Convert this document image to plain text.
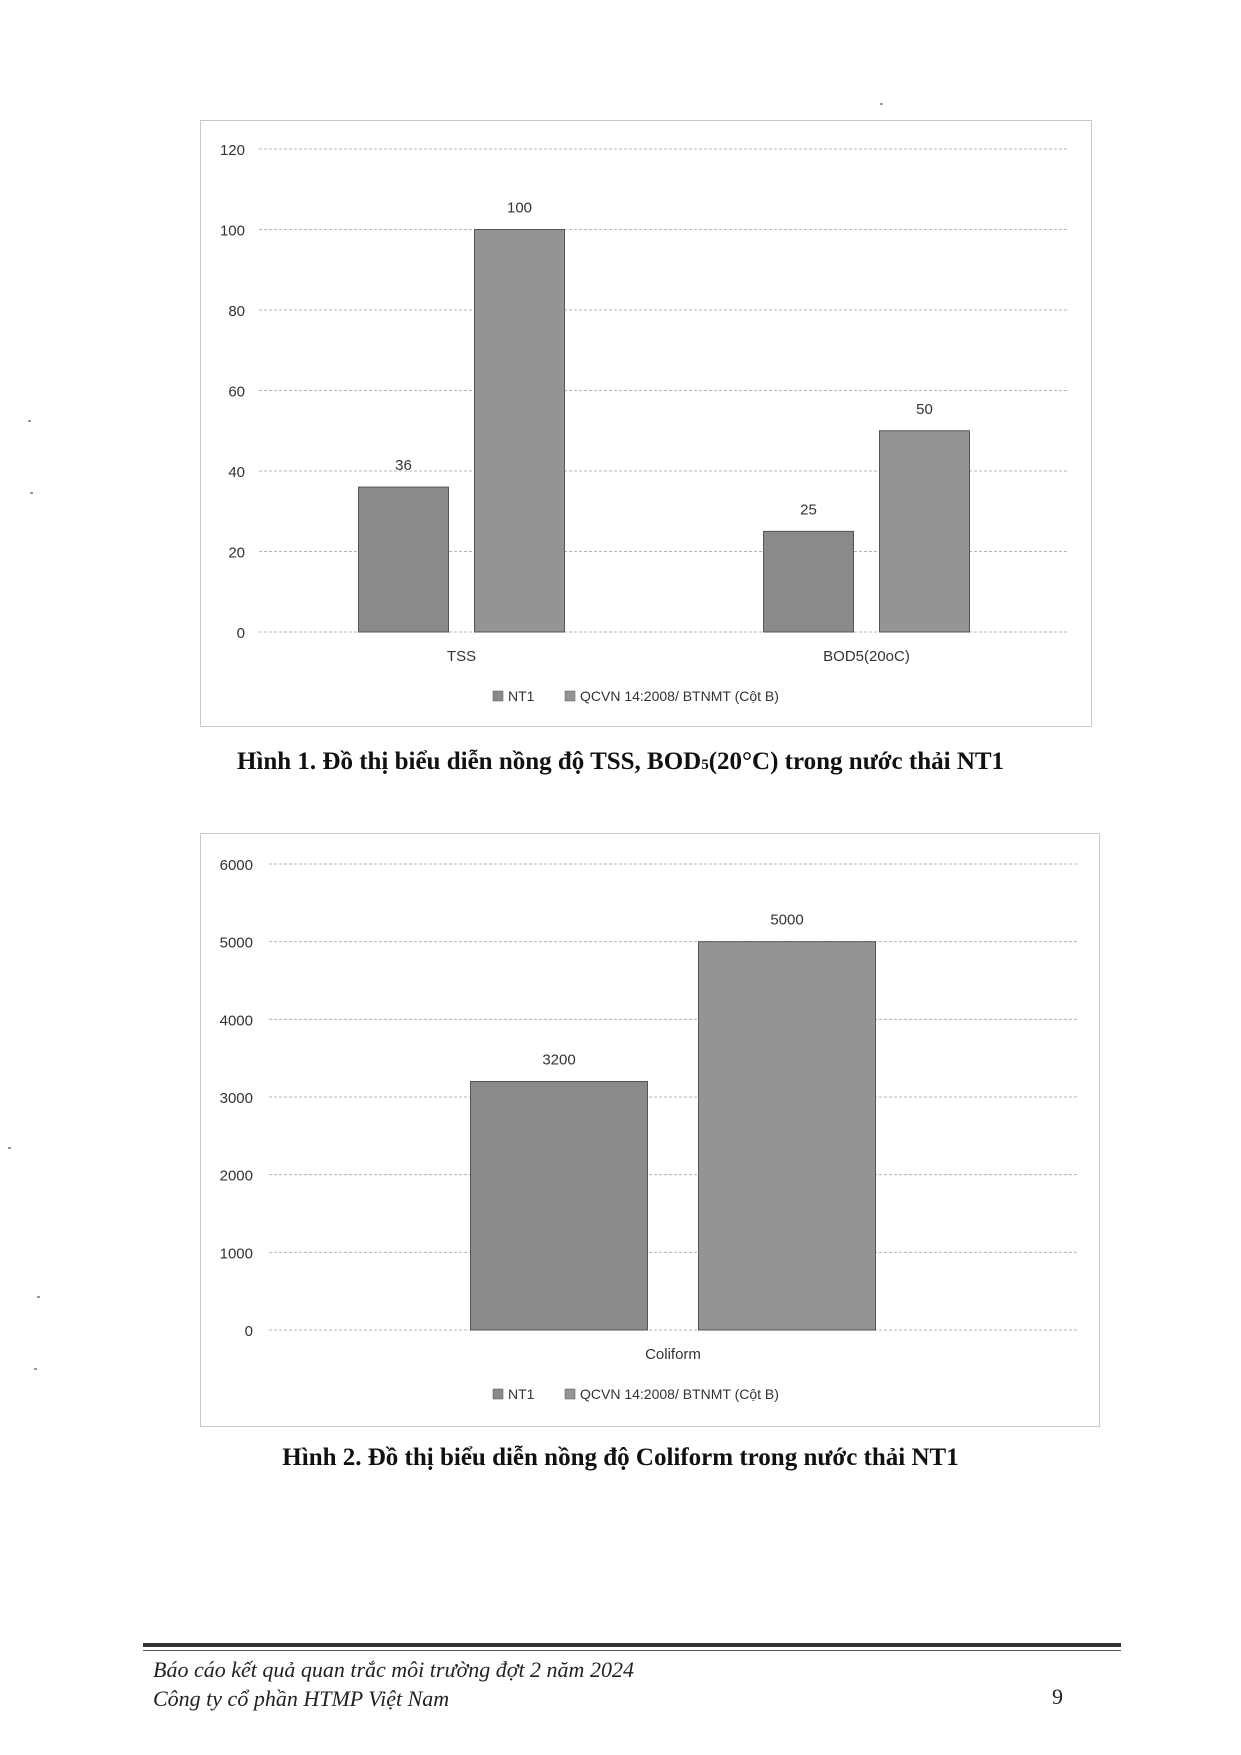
0
20
40
60
80
100
120
36
100
TSS
25
50
BOD5(20oC)
NT1	QCVN 14:2008/ BTNMT (Cột B)
Hình 1. Đồ thị biểu diễn nồng độ TSS, BOD5(20°C) trong nước thải NT1
0
1000
2000
3000
4000
5000
6000
3200
5000
Coliform
NT1	QCVN 14:2008/ BTNMT (Cột B)
Hình 2. Đồ thị biểu diễn nồng độ Coliform trong nước thải NT1
Báo cáo kết quả quan trắc môi trường đợt 2 năm 2024
Công ty cổ phần HTMP Việt Nam	9
